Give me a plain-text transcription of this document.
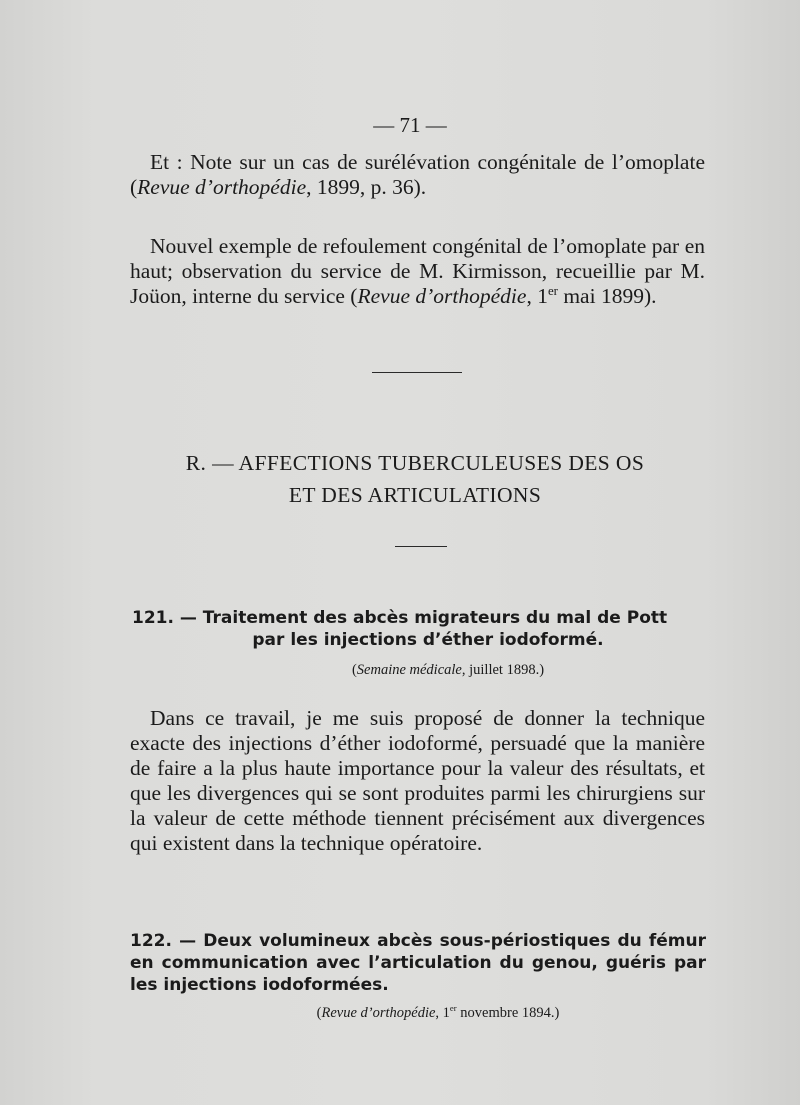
— 71 —
Et : Note sur un cas de surélévation congénitale de l’omoplate (Revue d’orthopédie, 1899, p. 36).
Nouvel exemple de refoulement congénital de l’omoplate par en haut; observation du service de M. Kirmisson, recueillie par M. Joüon, interne du service (Revue d’orthopédie, 1er mai 1899).
R. — AFFECTIONS TUBERCULEUSES DES OS
ET DES ARTICULATIONS
121. — Traitement des abcès migrateurs du mal de Pott
par les injections d’éther iodoformé.
(Semaine médicale, juillet 1898.)
Dans ce travail, je me suis proposé de donner la technique exacte des injections d’éther iodoformé, persuadé que la manière de faire a la plus haute importance pour la valeur des résultats, et que les divergences qui se sont produites parmi les chirurgiens sur la valeur de cette méthode tiennent précisément aux divergences qui existent dans la technique opératoire.
122. — Deux volumineux abcès sous-périostiques du fémur en communication avec l’articulation du genou, guéris par les injections iodoformées.
(Revue d’orthopédie, 1er novembre 1894.)
